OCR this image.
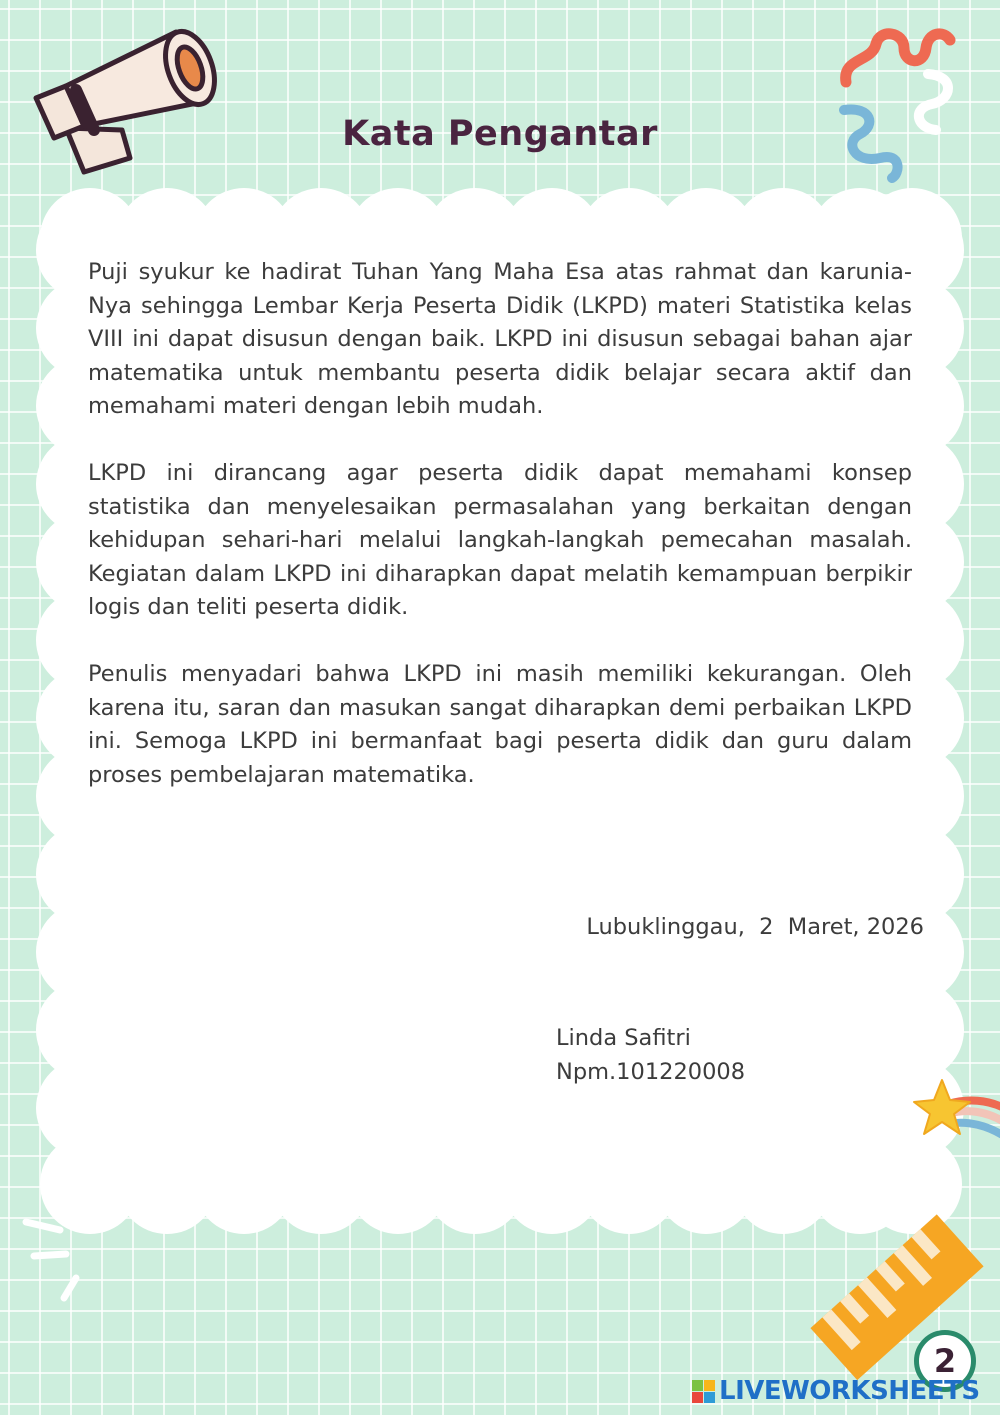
Kata Pengantar

Puji syukur ke hadirat Tuhan Yang Maha Esa atas rahmat dan karunia-Nya sehingga Lembar Kerja Peserta Didik (LKPD) materi Statistika kelas VIII ini dapat disusun dengan baik. LKPD ini disusun sebagai bahan ajar matematika untuk membantu peserta didik belajar secara aktif dan memahami materi dengan lebih mudah.

LKPD ini dirancang agar peserta didik dapat memahami konsep statistika dan menyelesaikan permasalahan yang berkaitan dengan kehidupan sehari-hari melalui langkah-langkah pemecahan masalah. Kegiatan dalam LKPD ini diharapkan dapat melatih kemampuan berpikir logis dan teliti peserta didik.

Penulis menyadari bahwa LKPD ini masih memiliki kekurangan. Oleh karena itu, saran dan masukan sangat diharapkan demi perbaikan LKPD ini. Semoga LKPD ini bermanfaat bagi peserta didik dan guru dalam proses pembelajaran matematika.

Lubuklinggau,  2  Maret, 2026
Linda Safitri
Npm.101220008
2
LIVEWORKSHEETS
